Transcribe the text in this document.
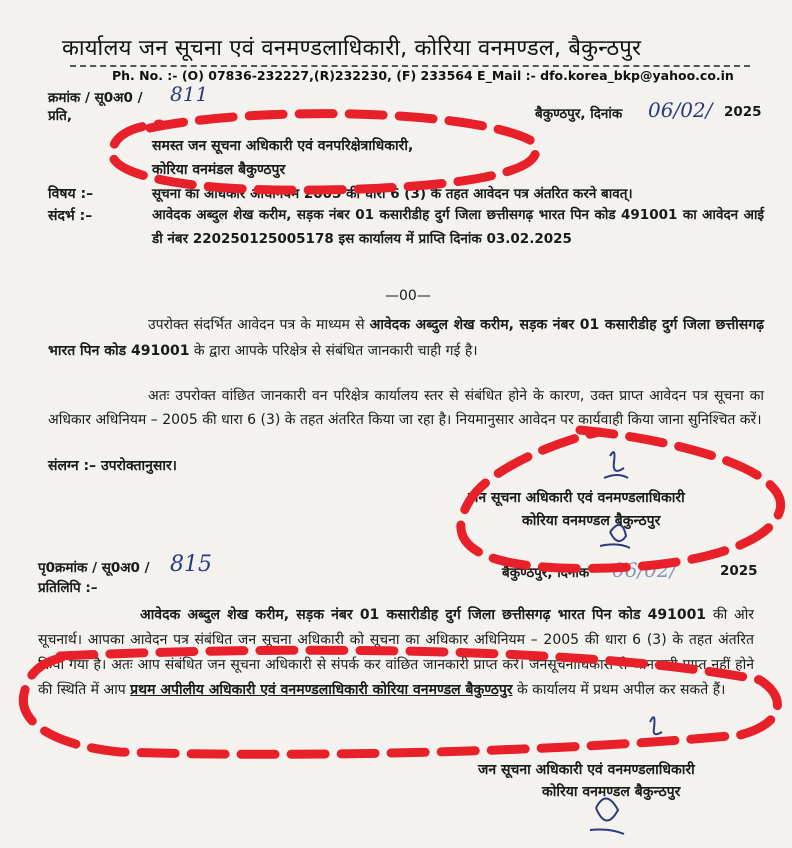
कार्यालय जन सूचना एवं वनमण्डलाधिकारी, कोरिया वनमण्डल, बैकुन्ठपुर
Ph. No. :- (O) 07836-232227,(R)232230, (F) 233564 E_Mail :- dfo.korea_bkp@yahoo.co.in
क्रमांक / सू0अ0 / 811
बैकुण्ठपुर, दिनांक 06/02/ 2025
प्रति,
समस्त जन सूचना अधिकारी एवं वनपरिक्षेत्राधिकारी,
कोरिया वनमंडल बैकुण्ठपुर
विषय :–	सूचना का अधिकार अधिनियम 2005 की धारा 6 (3) के तहत आवेदन पत्र अंतरित करने बावत्।
संदर्भ :–	आवेदक अब्दुल शेख करीम, सड़क नंबर 01 कसारीडीह दुर्ग जिला छत्तीसगढ़ भारत पिन कोड 491001 का आवेदन आई डी नंबर 220250125005178 इस कार्यालय में प्राप्ति दिनांक 03.02.2025
—00—
उपरोक्त संदर्भित आवेदन पत्र के माध्यम से आवेदक अब्दुल शेख करीम, सड़क नंबर 01 कसारीडीह दुर्ग जिला छत्तीसगढ़ भारत पिन कोड 491001 के द्वारा आपके परिक्षेत्र से संबंधित जानकारी चाही गई है।
अतः उपरोक्त वांछित जानकारी वन परिक्षेत्र कार्यालय स्तर से संबंधित होने के कारण, उक्त प्राप्त आवेदन पत्र सूचना का अधिकार अधिनियम – 2005 की धारा 6 (3) के तहत अंतरित किया जा रहा है। नियमानुसार आवेदन पर कार्यवाही किया जाना सुनिश्चित करें।
संलग्न :– उपरोक्तानुसार।
जन सूचना अधिकारी एवं वनमण्डलाधिकारी
कोरिया वनमण्डल बैकुन्ठपुर
पृ0क्रमांक / सू0अ0 / 815	बैकुण्ठपुर, दिनांक 06/02/	2025
प्रतिलिपि :–
आवेदक अब्दुल शेख करीम, सड़क नंबर 01 कसारीडीह दुर्ग जिला छत्तीसगढ़ भारत पिन कोड 491001 की ओर सूचनार्थ। आपका आवेदन पत्र संबंधित जन सूचना अधिकारी को सूचना का अधिकार अधिनियम – 2005 की धारा 6 (3) के तहत अंतरित किया गया है। अतः आप संबंधित जन सूचना अधिकारी से संपर्क कर वांछित जानकारी प्राप्त करें। जनसूचनाधिकारी से जानकारी प्राप्त नहीं होने की स्थिति में आप प्रथम अपीलीय अधिकारी एवं वनमण्डलाधिकारी कोरिया वनमण्डल बैकुण्ठपुर के कार्यालय में प्रथम अपील कर सकते हैं।
जन सूचना अधिकारी एवं वनमण्डलाधिकारी
कोरिया वनमण्डल बैकुन्ठपुर
